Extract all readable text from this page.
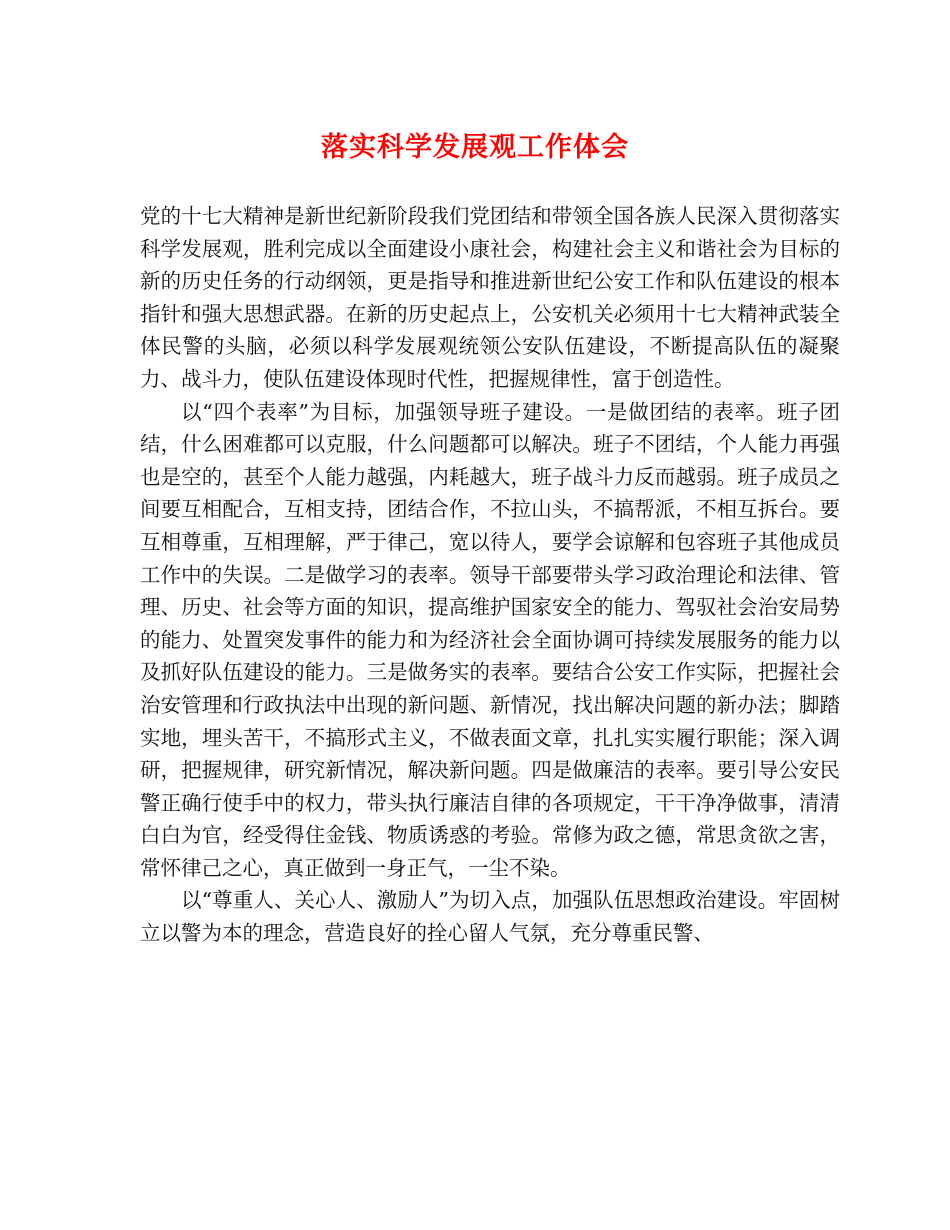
落实科学发展观工作体会

党的十七大精神是新世纪新阶段我们党团结和带领全国各族人民深入贯彻落实科学发展观，胜利完成以全面建设小康社会，构建社会主义和谐社会为目标的新的历史任务的行动纲领，更是指导和推进新世纪公安工作和队伍建设的根本指针和强大思想武器。在新的历史起点上，公安机关必须用十七大精神武装全体民警的头脑，必须以科学发展观统领公安队伍建设，不断提高队伍的凝聚力、战斗力，使队伍建设体现时代性，把握规律性，富于创造性。

以“四个表率”为目标，加强领导班子建设。一是做团结的表率。班子团结，什么困难都可以克服，什么问题都可以解决。班子不团结，个人能力再强也是空的，甚至个人能力越强，内耗越大，班子战斗力反而越弱。班子成员之间要互相配合，互相支持，团结合作，不拉山头，不搞帮派，不相互拆台。要互相尊重，互相理解，严于律己，宽以待人，要学会谅解和包容班子其他成员工作中的失误。二是做学习的表率。领导干部要带头学习政治理论和法律、管理、历史、社会等方面的知识，提高维护国家安全的能力、驾驭社会治安局势的能力、处置突发事件的能力和为经济社会全面协调可持续发展服务的能力以及抓好队伍建设的能力。三是做务实的表率。要结合公安工作实际，把握社会治安管理和行政执法中出现的新问题、新情况，找出解决问题的新办法；脚踏实地，埋头苦干，不搞形式主义，不做表面文章，扎扎实实履行职能；深入调研，把握规律，研究新情况，解决新问题。四是做廉洁的表率。要引导公安民警正确行使手中的权力，带头执行廉洁自律的各项规定，干干净净做事，清清白白为官，经受得住金钱、物质诱惑的考验。常修为政之德，常思贪欲之害，常怀律己之心，真正做到一身正气，一尘不染。

以“尊重人、关心人、激励人”为切入点，加强队伍思想政治建设。牢固树立以警为本的理念，营造良好的拴心留人气氛，充分尊重民警、
